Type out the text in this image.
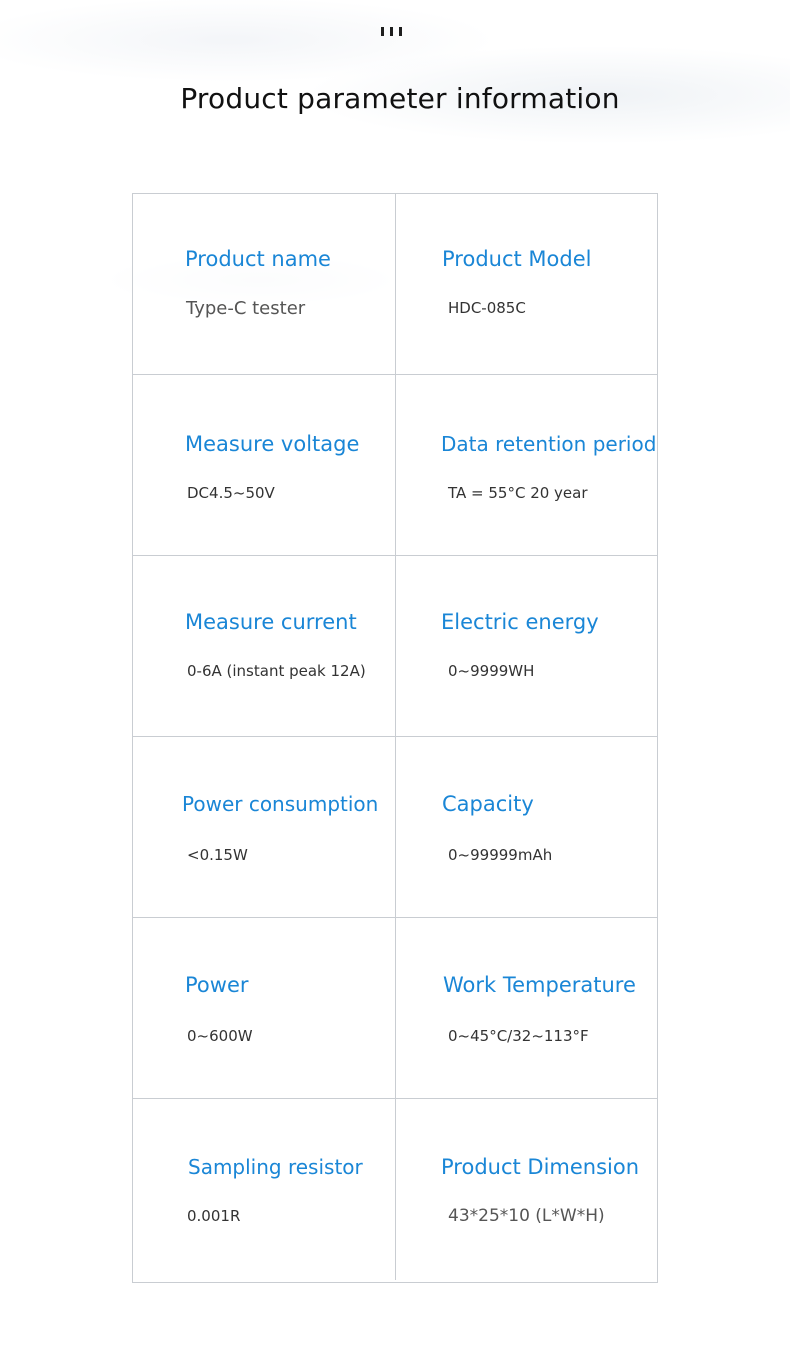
Product parameter information
Product name
Type-C tester
Product Model
HDC-085C
Measure voltage
DC4.5~50V
Data retention period
TA = 55°C 20 year
Measure current
0-6A (instant peak 12A)
Electric energy
0~9999WH
Power consumption
<0.15W
Capacity
0~99999mAh
Power
0~600W
Work Temperature
0~45°C/32~113°F
Sampling resistor
0.001R
Product Dimension
43*25*10 (L*W*H)
